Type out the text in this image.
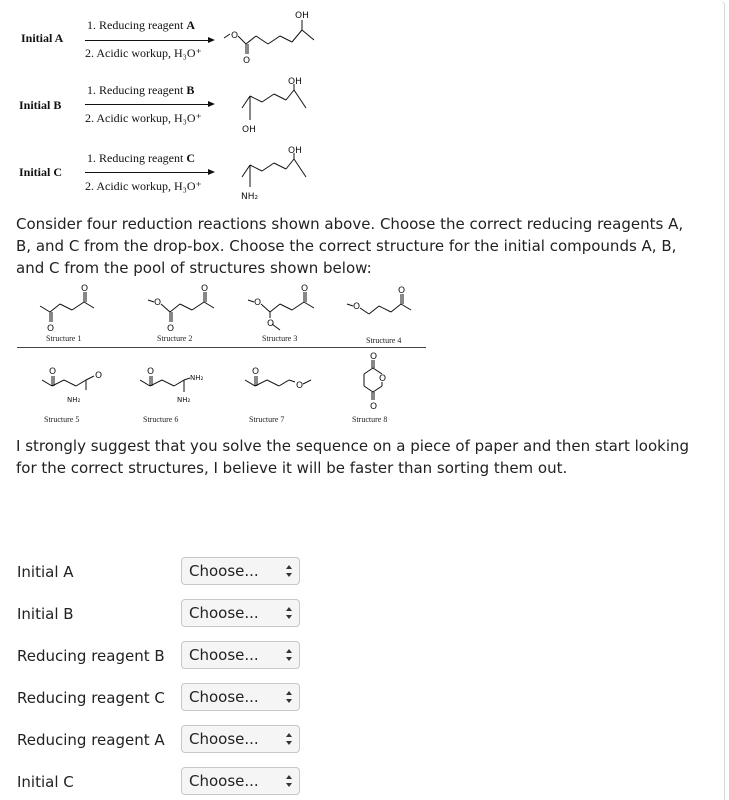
Initial A
1. Reducing reagent A
2. Acidic workup, H₃O⁺
O
O
OH
Initial B
1. Reducing reagent B
2. Acidic workup, H₃O⁺
OH
OH
Initial C
1. Reducing reagent C
2. Acidic workup, H₃O⁺
OH
NH₂
Consider four reduction reactions shown above. Choose the correct reducing reagents A, B, and C from the drop-box. Choose the correct structure for the initial compounds A, B, and C from the pool of structures shown below:
O
O
Structure 1
O
O
O
Structure 2
O
O
O
Structure 3
O
O
Structure 4
O	O
NH₂
Structure 5
O
NH₂
NH₂
Structure 6
O
O
Structure 7
O
O
O
Structure 8
I strongly suggest that you solve the sequence on a piece of paper and then start looking for the correct structures, I believe it will be faster than sorting them out.
Initial A	Choose...
Initial B	Choose...
Reducing reagent B	Choose...
Reducing reagent C	Choose...
Reducing reagent A	Choose...
Initial C	Choose...
